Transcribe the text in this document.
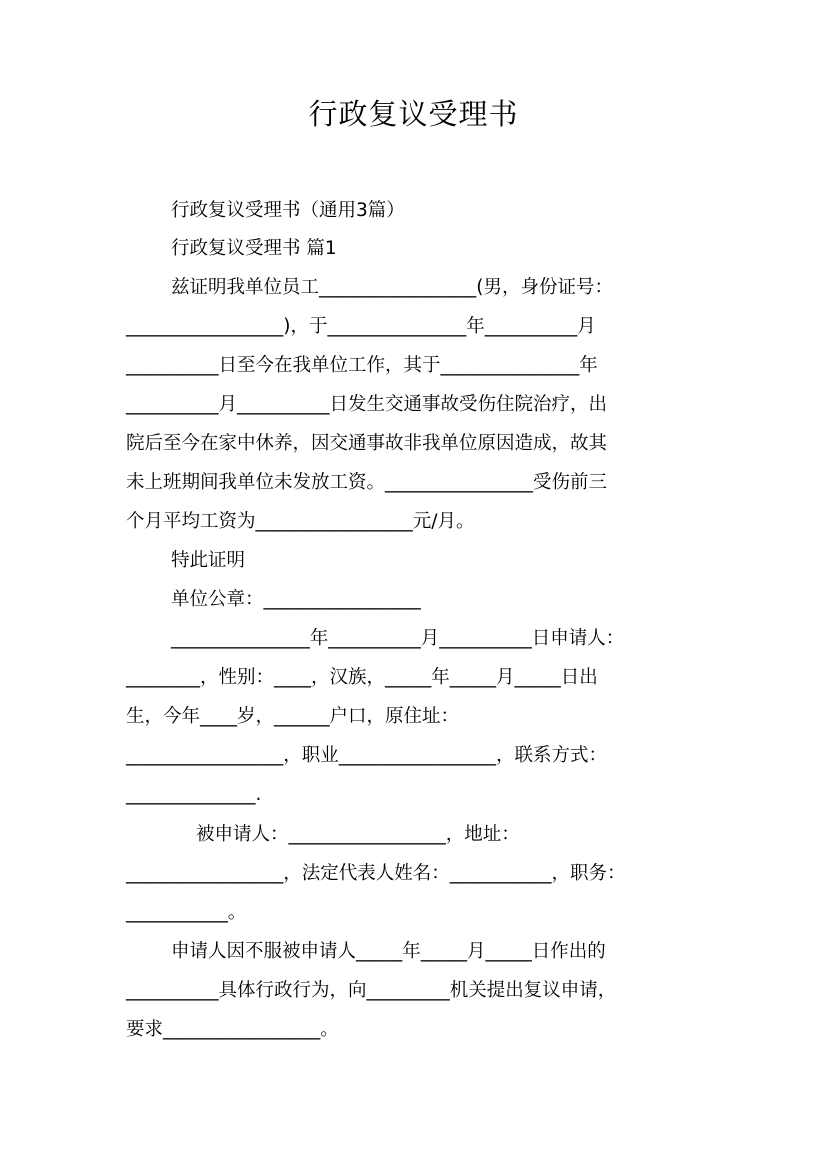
行政复议受理书

行政复议受理书（通用3篇）

行政复议受理书 篇1

兹证明我单位员工_________________(男，身份证号：

_________________)，于_______________年__________月

__________日至今在我单位工作，其于_______________年

__________月__________日发生交通事故受伤住院治疗，出

院后至今在家中休养，因交通事故非我单位原因造成，故其

未上班期间我单位未发放工资。________________受伤前三

个月平均工资为_________________元/月。

特此证明

单位公章：_________________

_______________年__________月__________日申请人：

________，性别：____，汉族，_____年_____月_____日出

生，今年____岁，______户口，原住址：

_________________，职业_________________，联系方式：

______________.

被申请人：_________________，地址：

_________________，法定代表人姓名：___________，职务：

___________。

申请人因不服被申请人_____年_____月_____日作出的

__________具体行政行为，向_________机关提出复议申请，

要求_________________。
